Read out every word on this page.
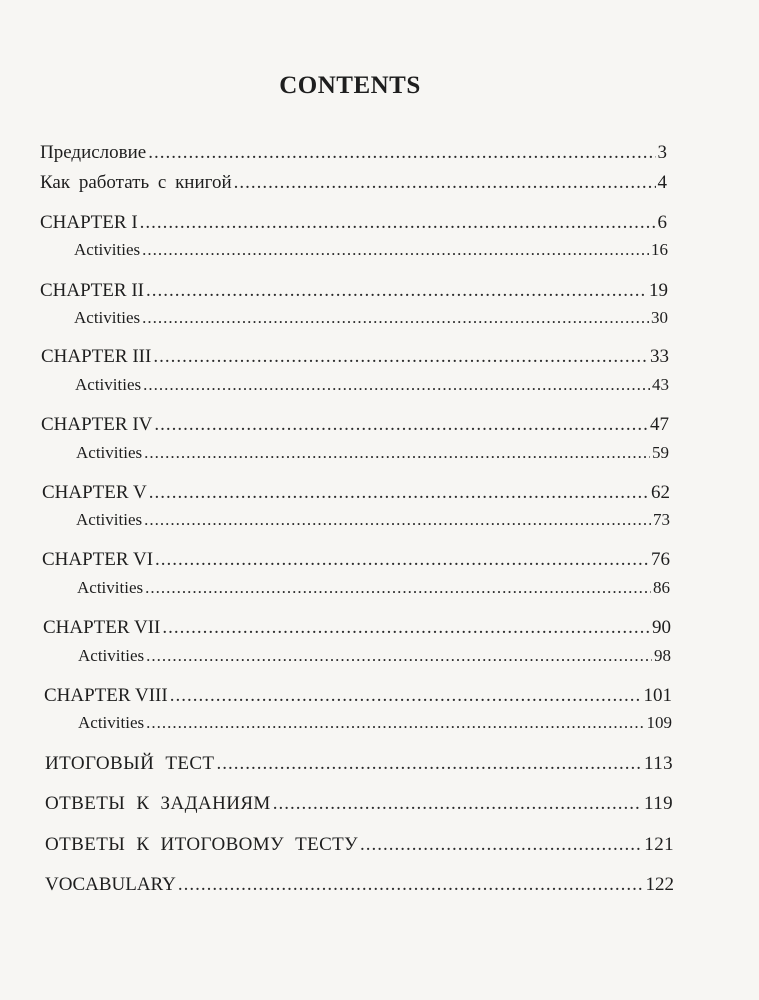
CONTENTS
Предисловие .....	3
Как работать с книгой .....	4
CHAPTER I .....	6
Activities .....	16
CHAPTER II .....	19
Activities .....	30
CHAPTER III .....	33
Activities .....	43
CHAPTER IV .....	47
Activities .....	59
CHAPTER V .....	62
Activities .....	73
CHAPTER VI .....	76
Activities .....	86
CHAPTER VII .....	90
Activities .....	98
CHAPTER VIII .....	101
Activities .....	109
ИТОГОВЫЙ ТЕСТ .....	113
ОТВЕТЫ К ЗАДАНИЯМ .....	119
ОТВЕТЫ К ИТОГОВОМУ ТЕСТУ .....	121
VOCABULARY .....	122
